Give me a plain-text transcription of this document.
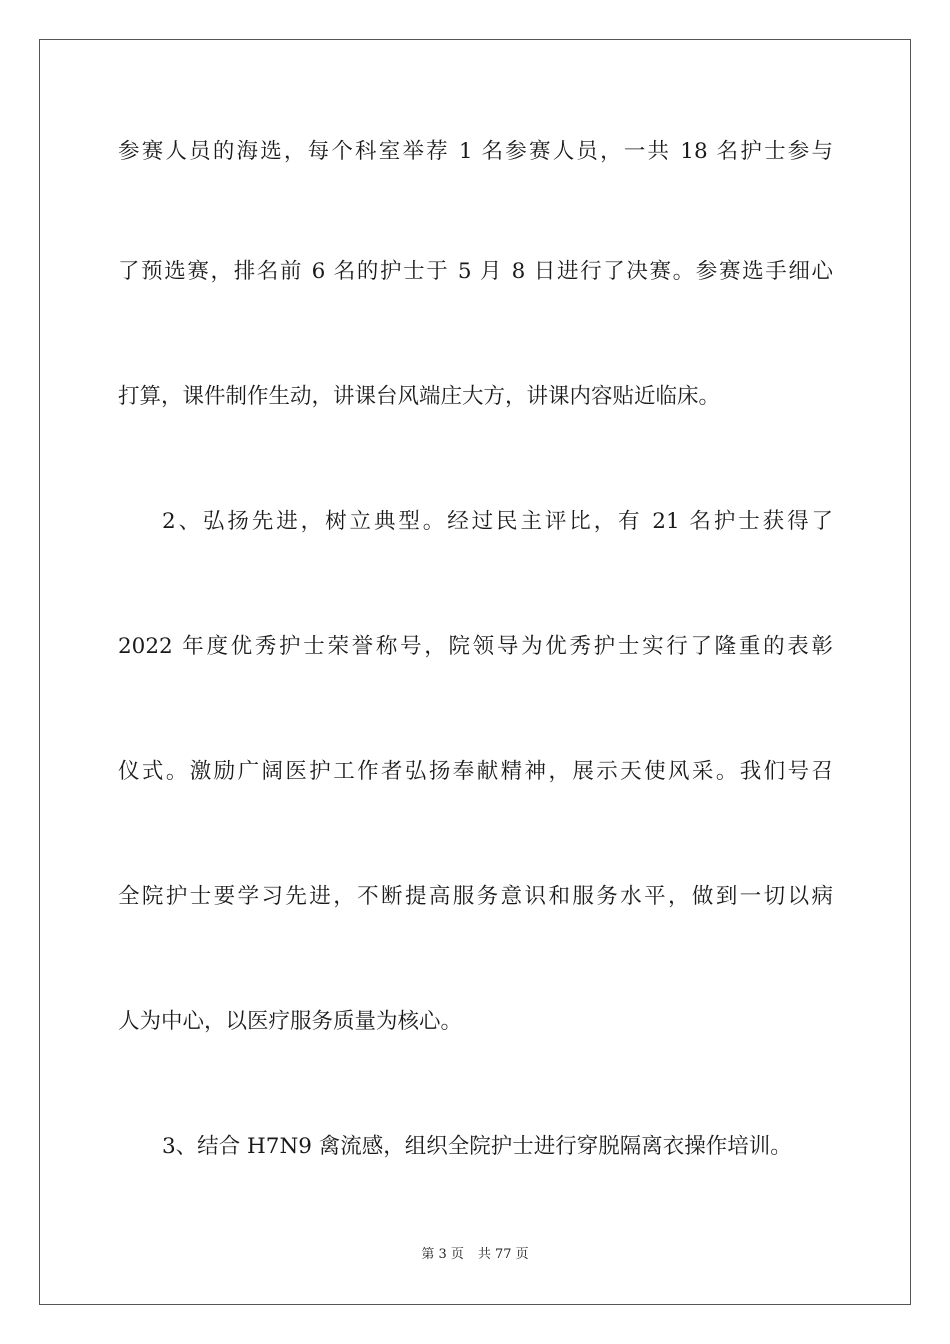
参赛人员的海选，每个科室举荐 1 名参赛人员，一共 18 名护士参与
了预选赛，排名前 6 名的护士于 5 月 8 日进行了决赛。参赛选手细心
打算，课件制作生动，讲课台风端庄大方，讲课内容贴近临床。
2、弘扬先进，树立典型。经过民主评比，有 21 名护士获得了
2022 年度优秀护士荣誉称号，院领导为优秀护士实行了隆重的表彰
仪式。激励广阔医护工作者弘扬奉献精神，展示天使风采。我们号召
全院护士要学习先进，不断提高服务意识和服务水平，做到一切以病
人为中心，以医疗服务质量为核心。
3、结合 H7N9 禽流感，组织全院护士进行穿脱隔离衣操作培训。
第 3 页 共 77 页
